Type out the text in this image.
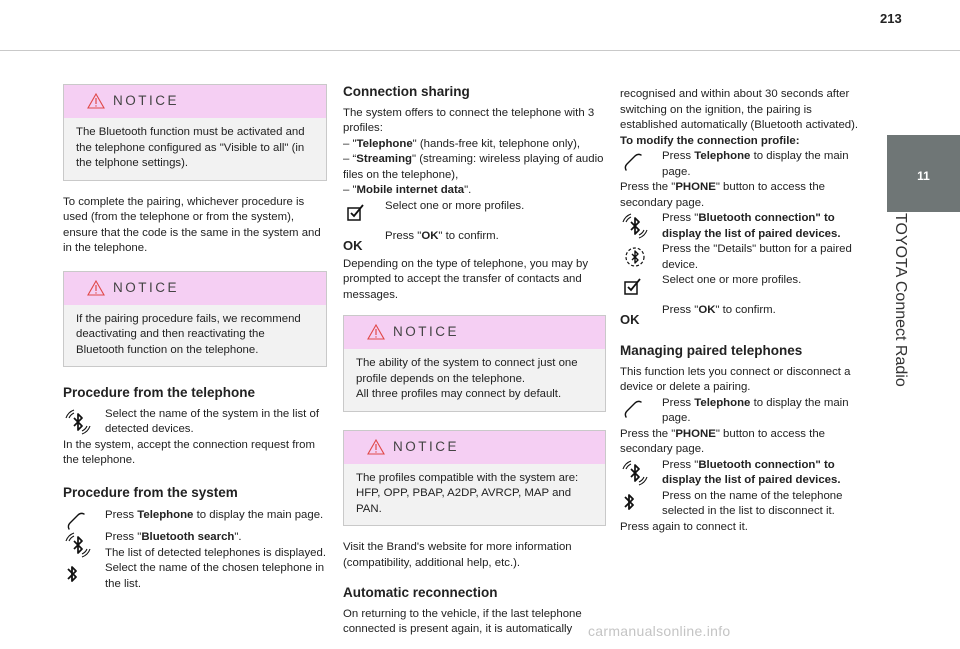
213
11
TOYOTA Connect Radio
NOTICE
The Bluetooth function must be activated and the telephone configured as "Visible to all" (in the telphone settings).

To complete the pairing, whichever procedure is used (from the telephone or from the system), ensure that the code is the same in the system and in the telephone.

NOTICE
If the pairing procedure fails, we recommend deactivating and then reactivating the Bluetooth function on the telephone.
Procedure from the telephone
Select the name of the system in the list of detected devices.

In the system, accept the connection request from the telephone.

Procedure from the system
Press Telephone to display the main page.
Press "Bluetooth search".
The list of detected telephones is displayed.
Select the name of the chosen telephone in the list.
Connection sharing

The system offers to connect the telephone with 3 profiles:

– "Telephone" (hands-free kit, telephone only),
– “Streaming" (streaming: wireless playing of audio files on the telephone),
– "Mobile internet data".
Select one or more profiles.
OK
Press "OK" to confirm.

Depending on the type of telephone, you may by prompted to accept the transfer of contacts and messages.

NOTICE
The ability of the system to connect just one profile depends on the telephone.
All three profiles may connect by default.
NOTICE
The profiles compatible with the system are: HFP, OPP, PBAP, A2DP, AVRCP, MAP and PAN.

Visit the Brand's website for more information (compatibility, additional help, etc.).

Automatic reconnection

On returning to the vehicle, if the last telephone connected is present again, it is automatically

recognised and within about 30 seconds after switching on the ignition, the pairing is established automatically (Bluetooth activated).

To modify the connection profile:
Press Telephone to display the main page.
Press the "PHONE" button to access the secondary page.
Press "Bluetooth connection" to display the list of paired devices.
Press the "Details" button for a paired device.
Select one or more profiles.
OK
Press "OK" to confirm.
Managing paired telephones

This function lets you connect or disconnect a device or delete a pairing.

Press Telephone to display the main page.
Press the "PHONE" button to access the secondary page.
Press "Bluetooth connection" to display the list of paired devices.
Press on the name of the telephone selected in the list to disconnect it.
Press again to connect it.
carmanualsonline.info
